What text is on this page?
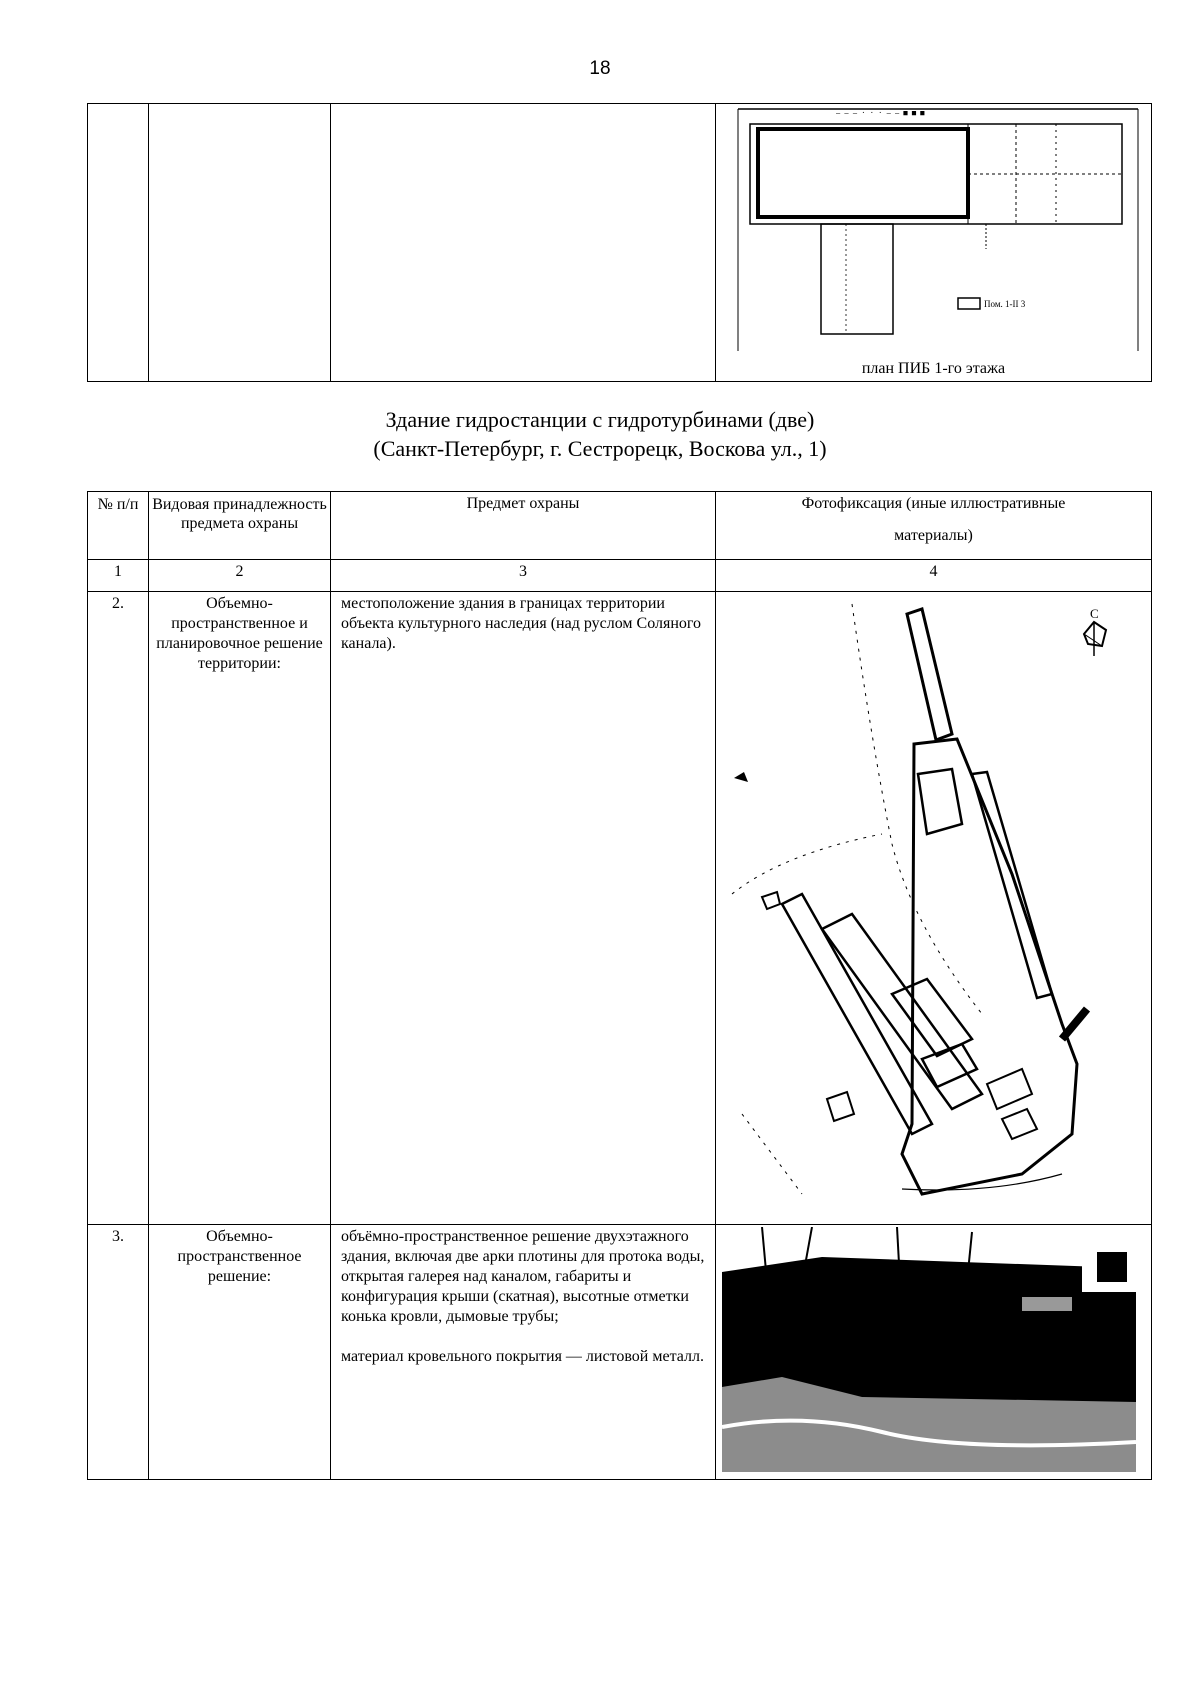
18

— — — · · · — — ■ ■ ■
Пом. 1-II 3
план ПИБ 1-го этажа
Здание гидростанции с гидротурбинами (две)
(Санкт-Петербург, г. Сестрорецк, Воскова ул., 1)
№ п/п	Видовая принадлежность предмета охраны	Предмет охраны	Фотофиксация (иные иллюстративные
материалы)

1	2	3	4
2.	Объемно-пространственное и планировочное решение территории:	местоположение здания в границах территории объекта культурного наследия (над руслом Соляного канала).	С

3.	Объемно-пространственное решение:	объёмно-пространственное решение двухэтажного здания, включая две арки плотины для протока воды, открытая галерея над каналом, габариты и конфигурация крыши (скатная), высотные отметки конька кровли, дымовые трубы;
материал кровельного покрытия — листовой металл.
